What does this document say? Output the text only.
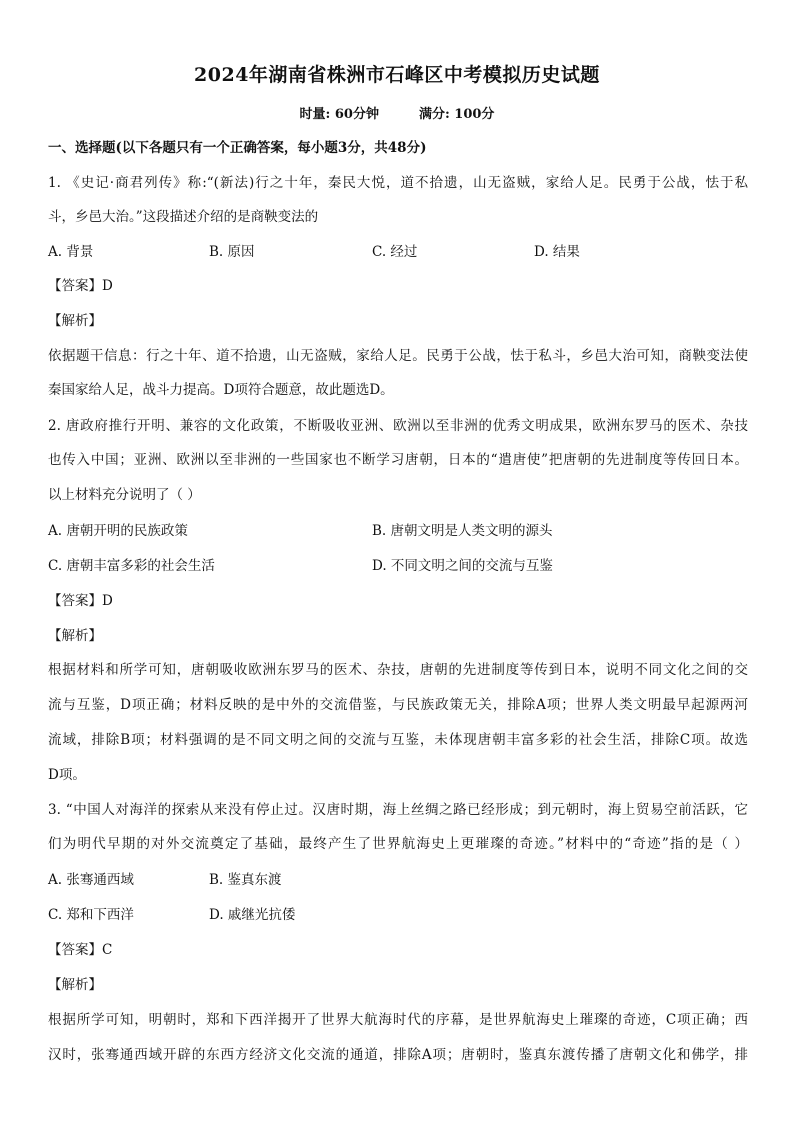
2024年湖南省株洲市石峰区中考模拟历史试题
时量: 60分钟	满分: 100分
一、选择题(以下各题只有一个正确答案，每小题3分，共48分)
1. 《史记·商君列传》称:“(新法)行之十年，秦民大悦，道不拾遗，山无盗贼，家给人足。民勇于公战，怯于私
斗，乡邑大治。”这段描述介绍的是商鞅变法的
A. 背景	B. 原因	C. 经过	D. 结果
【答案】D
【解析】
依据题干信息：行之十年、道不拾遗，山无盗贼，家给人足。民勇于公战，怯于私斗，乡邑大治可知，商鞅变法使
秦国家给人足，战斗力提高。D项符合题意，故此题选D。
2. 唐政府推行开明、兼容的文化政策，不断吸收亚洲、欧洲以至非洲的优秀文明成果，欧洲东罗马的医术、杂技
也传入中国；亚洲、欧洲以至非洲的一些国家也不断学习唐朝，日本的“遣唐使”把唐朝的先进制度等传回日本。
以上材料充分说明了（ ）
A. 唐朝开明的民族政策	B. 唐朝文明是人类文明的源头
C. 唐朝丰富多彩的社会生活	D. 不同文明之间的交流与互鉴
【答案】D
【解析】
根据材料和所学可知，唐朝吸收欧洲东罗马的医术、杂技，唐朝的先进制度等传到日本，说明不同文化之间的交
流与互鉴，D项正确；材料反映的是中外的交流借鉴，与民族政策无关，排除A项；世界人类文明最早起源两河
流域，排除B项；材料强调的是不同文明之间的交流与互鉴，未体现唐朝丰富多彩的社会生活，排除C项。故选
D项。
3. “中国人对海洋的探索从来没有停止过。汉唐时期，海上丝绸之路已经形成；到元朝时，海上贸易空前活跃，它
们为明代早期的对外交流奠定了基础，最终产生了世界航海史上更璀璨的奇迹。”材料中的“奇迹”指的是（ ）
A. 张骞通西域	B. 鉴真东渡
C. 郑和下西洋	D. 戚继光抗倭
【答案】C
【解析】
根据所学可知，明朝时，郑和下西洋揭开了世界大航海时代的序幕，是世界航海史上璀璨的奇迹，C项正确；西
汉时，张骞通西域开辟的东西方经济文化交流的通道，排除A项；唐朝时，鉴真东渡传播了唐朝文化和佛学，排
